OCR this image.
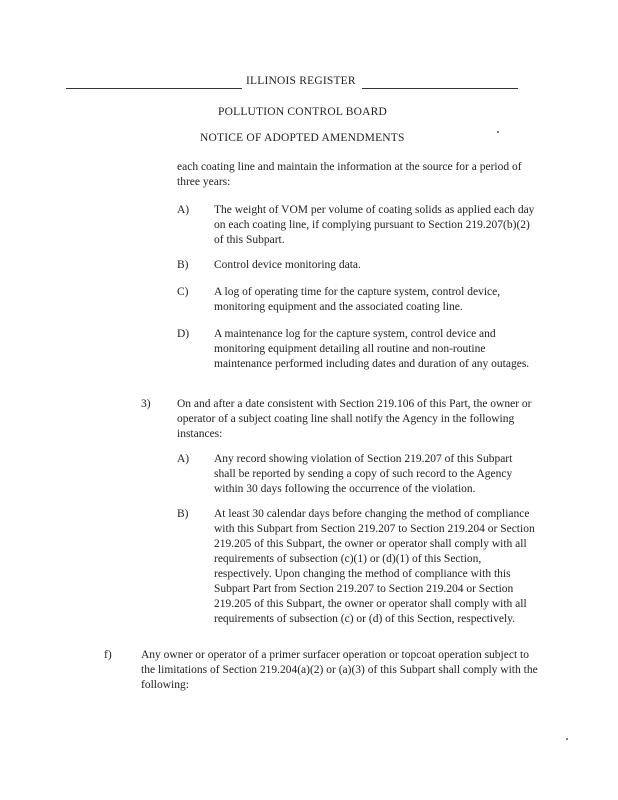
ILLINOIS REGISTER
POLLUTION CONTROL BOARD
NOTICE OF ADOPTED AMENDMENTS
each coating line and maintain the information at the source for a period of three years:
A) The weight of VOM per volume of coating solids as applied each day on each coating line, if complying pursuant to Section 219.207(b)(2) of this Subpart.
B) Control device monitoring data.
C) A log of operating time for the capture system, control device, monitoring equipment and the associated coating line.
D) A maintenance log for the capture system, control device and monitoring equipment detailing all routine and non-routine maintenance performed including dates and duration of any outages.
3) On and after a date consistent with Section 219.106 of this Part, the owner or operator of a subject coating line shall notify the Agency in the following instances:
A) Any record showing violation of Section 219.207 of this Subpart shall be reported by sending a copy of such record to the Agency within 30 days following the occurrence of the violation.
B) At least 30 calendar days before changing the method of compliance with this Subpart from Section 219.207 to Section 219.204 or Section 219.205 of this Subpart, the owner or operator shall comply with all requirements of subsection (c)(1) or (d)(1) of this Section, respectively. Upon changing the method of compliance with this Subpart Part from Section 219.207 to Section 219.204 or Section 219.205 of this Subpart, the owner or operator shall comply with all requirements of subsection (c) or (d) of this Section, respectively.
f)	Any owner or operator of a primer surfacer operation or topcoat operation subject to the limitations of Section 219.204(a)(2) or (a)(3) of this Subpart shall comply with the following:
